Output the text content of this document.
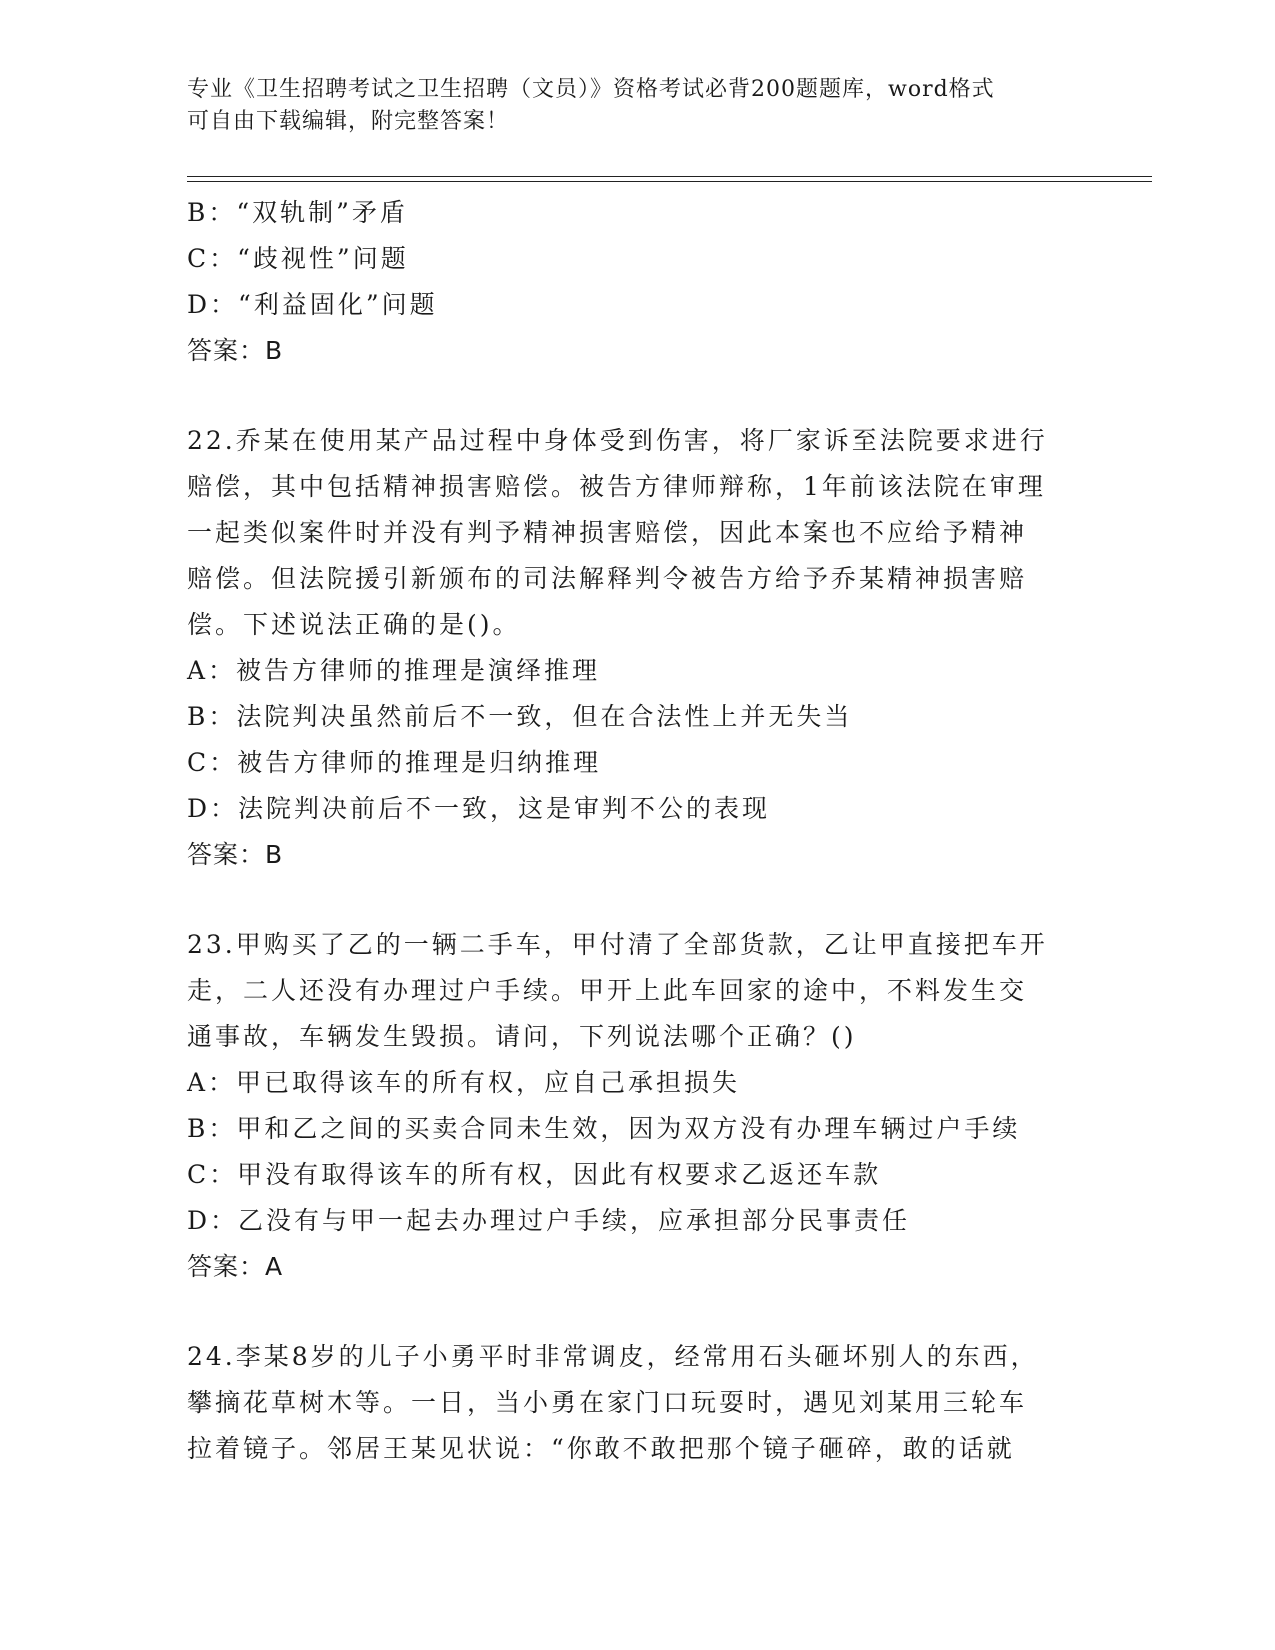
专业《卫生招聘考试之卫生招聘（文员）》资格考试必背200题题库，word格式
可自由下载编辑，附完整答案！
B：“双轨制”矛盾
C：“歧视性”问题
D：“利益固化”问题
答案：B
22.乔某在使用某产品过程中身体受到伤害，将厂家诉至法院要求进行
赔偿，其中包括精神损害赔偿。被告方律师辩称，1年前该法院在审理
一起类似案件时并没有判予精神损害赔偿，因此本案也不应给予精神
赔偿。但法院援引新颁布的司法解释判令被告方给予乔某精神损害赔
偿。下述说法正确的是()。
A：被告方律师的推理是演绎推理
B：法院判决虽然前后不一致，但在合法性上并无失当
C：被告方律师的推理是归纳推理
D：法院判决前后不一致，这是审判不公的表现
答案：B
23.甲购买了乙的一辆二手车，甲付清了全部货款，乙让甲直接把车开
走，二人还没有办理过户手续。甲开上此车回家的途中，不料发生交
通事故，车辆发生毁损。请问，下列说法哪个正确？()
A：甲已取得该车的所有权，应自己承担损失
B：甲和乙之间的买卖合同未生效，因为双方没有办理车辆过户手续
C：甲没有取得该车的所有权，因此有权要求乙返还车款
D：乙没有与甲一起去办理过户手续，应承担部分民事责任
答案：A
24.李某8岁的儿子小勇平时非常调皮，经常用石头砸坏别人的东西，
攀摘花草树木等。一日，当小勇在家门口玩耍时，遇见刘某用三轮车
拉着镜子。邻居王某见状说：“你敢不敢把那个镜子砸碎，敢的话就
